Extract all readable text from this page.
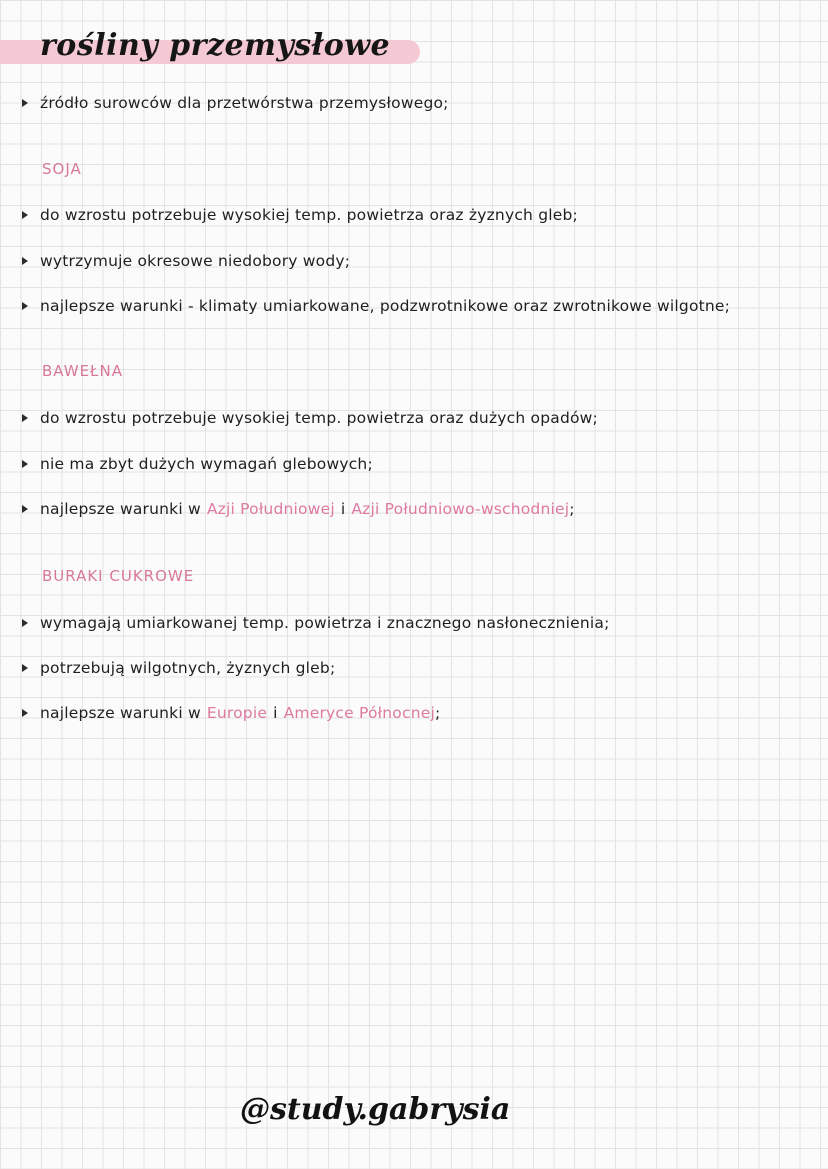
rośliny przemysłowe
źródło surowców dla przetwórstwa przemysłowego;
SOJA
do wzrostu potrzebuje wysokiej temp. powietrza oraz żyznych gleb;
wytrzymuje okresowe niedobory wody;
najlepsze warunki - klimaty umiarkowane, podzwrotnikowe oraz zwrotnikowe wilgotne;
BAWEŁNA
do wzrostu potrzebuje wysokiej temp. powietrza oraz dużych opadów;
nie ma zbyt dużych wymagań glebowych;
najlepsze warunki w Azji Południowej i Azji Południowo-wschodniej ;
BURAKI CUKROWE
wymagają umiarkowanej temp. powietrza i znacznego nasłonecznienia;
potrzebują wilgotnych, żyznych gleb;
najlepsze warunki w Europie i Ameryce Północnej ;
@study.gabrysia
